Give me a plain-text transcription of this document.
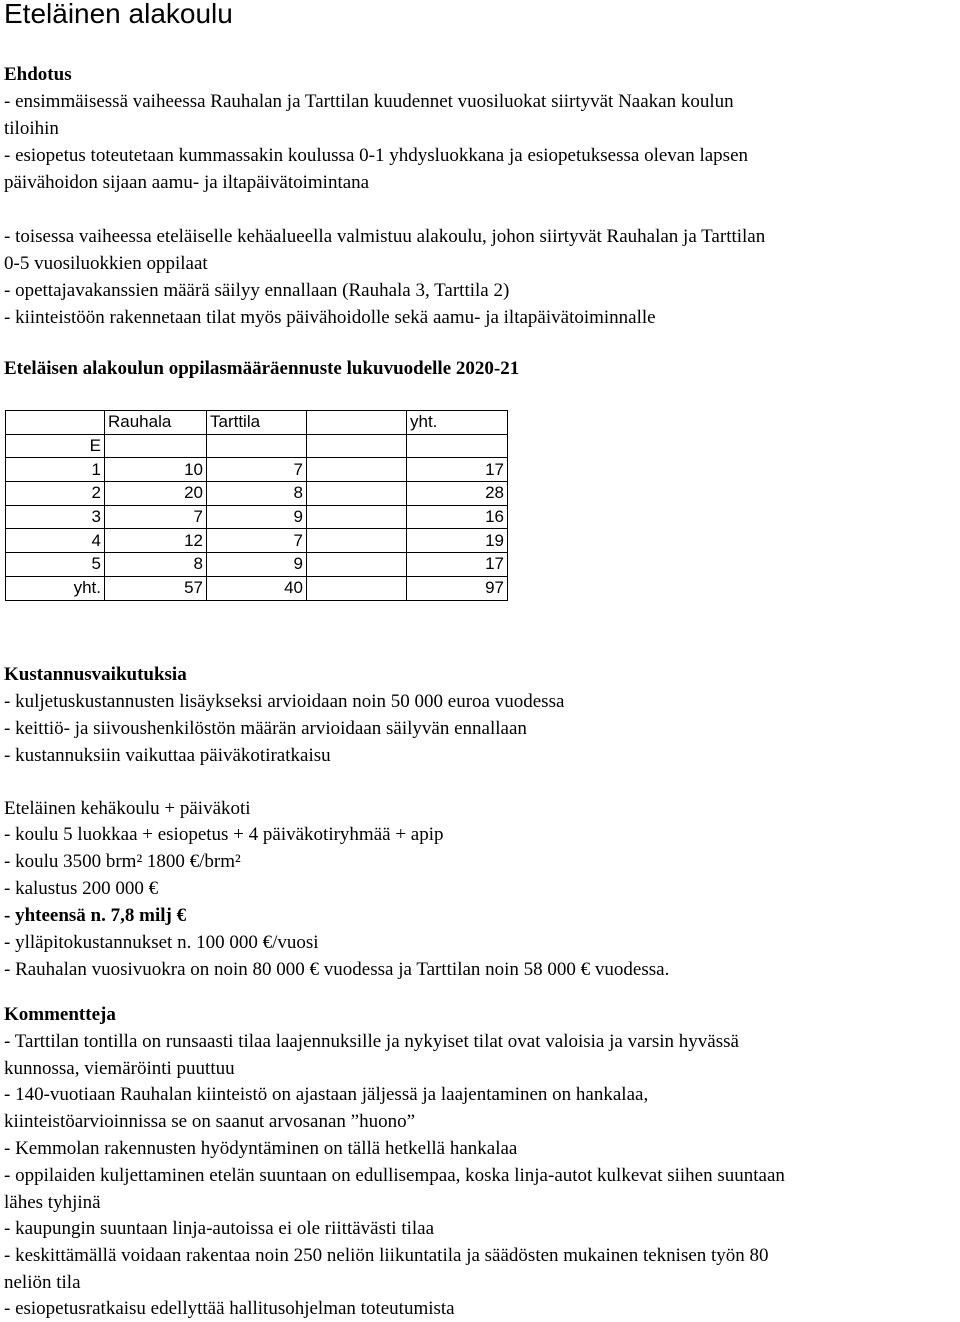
Eteläinen alakoulu
Ehdotus
- ensimmäisessä vaiheessa Rauhalan ja Tarttilan kuudennet vuosiluokat siirtyvät Naakan koulun
tiloihin
- esiopetus toteutetaan kummassakin koulussa 0-1 yhdysluokkana ja esiopetuksessa olevan lapsen
päivähoidon sijaan aamu- ja iltapäivätoimintana
- toisessa vaiheessa eteläiselle kehäalueella valmistuu alakoulu, johon siirtyvät Rauhalan ja Tarttilan
0-5 vuosiluokkien oppilaat
- opettajavakanssien määrä säilyy ennallaan (Rauhala 3, Tarttila 2)
- kiinteistöön rakennetaan tilat myös päivähoidolle sekä aamu- ja iltapäivätoiminnalle
Eteläisen alakoulun oppilasmääräennuste lukuvuodelle 2020-21
	Rauhala	Tarttila		yht.
E				
1	10	7		17
2	20	8		28
3	7	9		16
4	12	7		19
5	8	9		17
yht.	57	40		97
Kustannusvaikutuksia
- kuljetuskustannusten lisäykseksi arvioidaan noin 50 000 euroa vuodessa
- keittiö- ja siivoushenkilöstön määrän arvioidaan säilyvän ennallaan
- kustannuksiin vaikuttaa päiväkotiratkaisu
Eteläinen kehäkoulu + päiväkoti
- koulu 5 luokkaa + esiopetus + 4 päiväkotiryhmää + apip
- koulu 3500 brm² 1800 €/brm²
- kalustus 200 000 €
- yhteensä n. 7,8 milj €
- ylläpitokustannukset n. 100 000 €/vuosi
- Rauhalan vuosivuokra on noin 80 000 € vuodessa ja Tarttilan noin 58 000 € vuodessa.
Kommentteja
- Tarttilan tontilla on runsaasti tilaa laajennuksille ja nykyiset tilat ovat valoisia ja varsin hyvässä
kunnossa, viemäröinti puuttuu
- 140-vuotiaan Rauhalan kiinteistö on ajastaan jäljessä ja laajentaminen on hankalaa,
kiinteistöarvioinnissa se on saanut arvosanan ”huono”
- Kemmolan rakennusten hyödyntäminen on tällä hetkellä hankalaa
- oppilaiden kuljettaminen etelän suuntaan on edullisempaa, koska linja-autot kulkevat siihen suuntaan
lähes tyhjinä
- kaupungin suuntaan linja-autoissa ei ole riittävästi tilaa
- keskittämällä voidaan rakentaa noin 250 neliön liikuntatila ja säädösten mukainen teknisen työn 80
neliön tila
- esiopetusratkaisu edellyttää hallitusohjelman toteutumista
